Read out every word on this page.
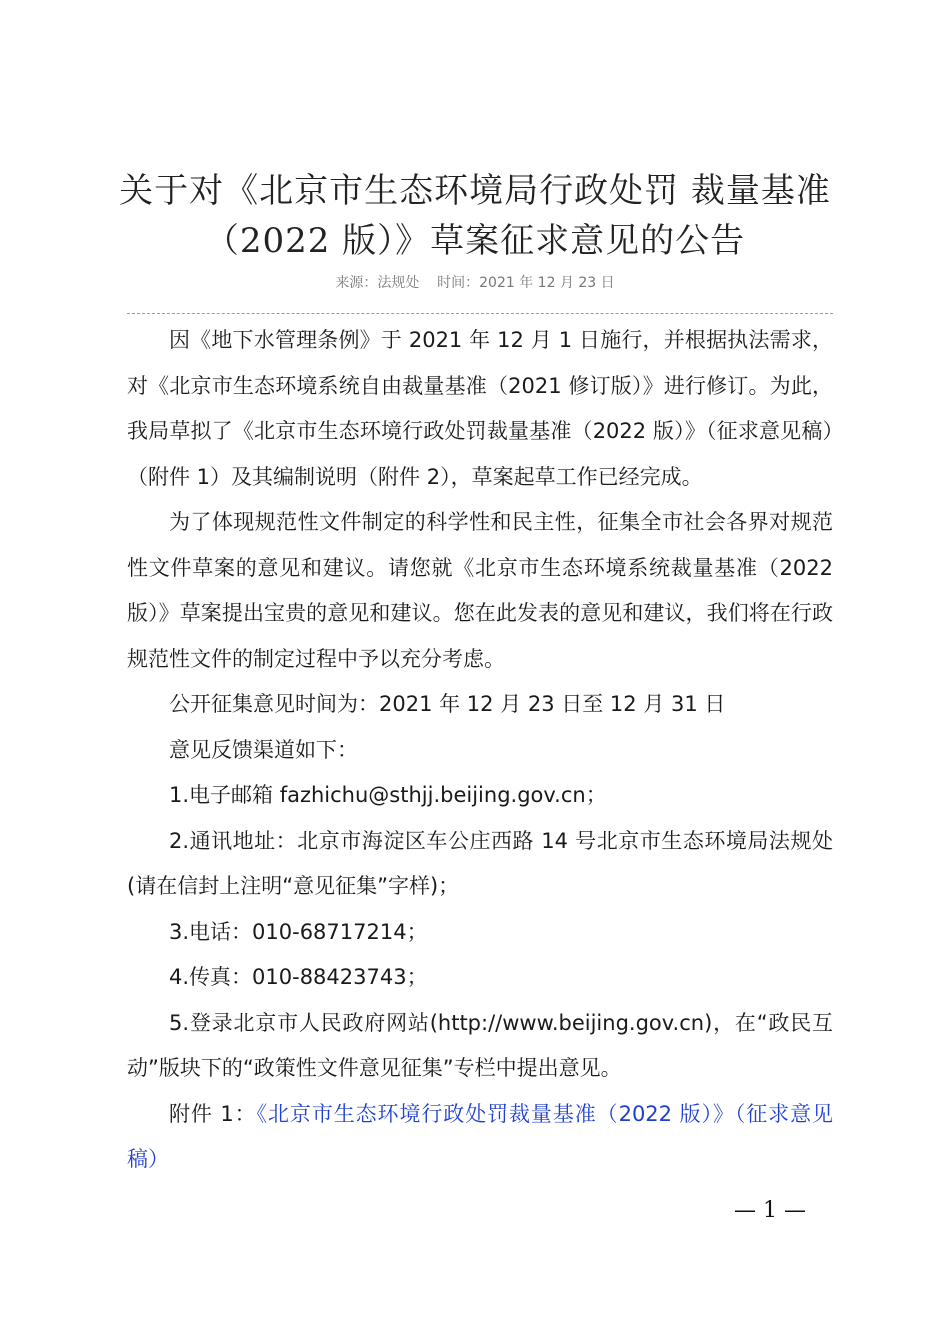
关于对《北京市生态环境局行政处罚 裁量基准
（2022 版）》草案征求意见的公告
来源：法规处    时间：2021 年 12 月 23 日

因《地下水管理条例》于 2021 年 12 月 1 日施行，并根据执法需求，对《北京市生态环境系统自由裁量基准（2021 修订版）》进行修订。为此，我局草拟了《北京市生态环境行政处罚裁量基准（2022 版）》（征求意见稿）（附件 1）及其编制说明（附件 2），草案起草工作已经完成。

为了体现规范性文件制定的科学性和民主性，征集全市社会各界对规范性文件草案的意见和建议。请您就《北京市生态环境系统裁量基准（2022 版）》草案提出宝贵的意见和建议。您在此发表的意见和建议，我们将在行政规范性文件的制定过程中予以充分考虑。

公开征集意见时间为：2021 年 12 月 23 日至 12 月 31 日

意见反馈渠道如下：

1.电子邮箱 fazhichu@sthjj.beijing.gov.cn；

2.通讯地址：北京市海淀区车公庄西路 14 号北京市生态环境局法规处(请在信封上注明“意见征集”字样)；

3.电话：010-68717214；

4.传真：010-88423743；

5.登录北京市人民政府网站(http://www.beijing.gov.cn)，在“政民互动”版块下的“政策性文件意见征集”专栏中提出意见。

附件 1：《北京市生态环境行政处罚裁量基准（2022 版）》（征求意见稿）

— 1 —
